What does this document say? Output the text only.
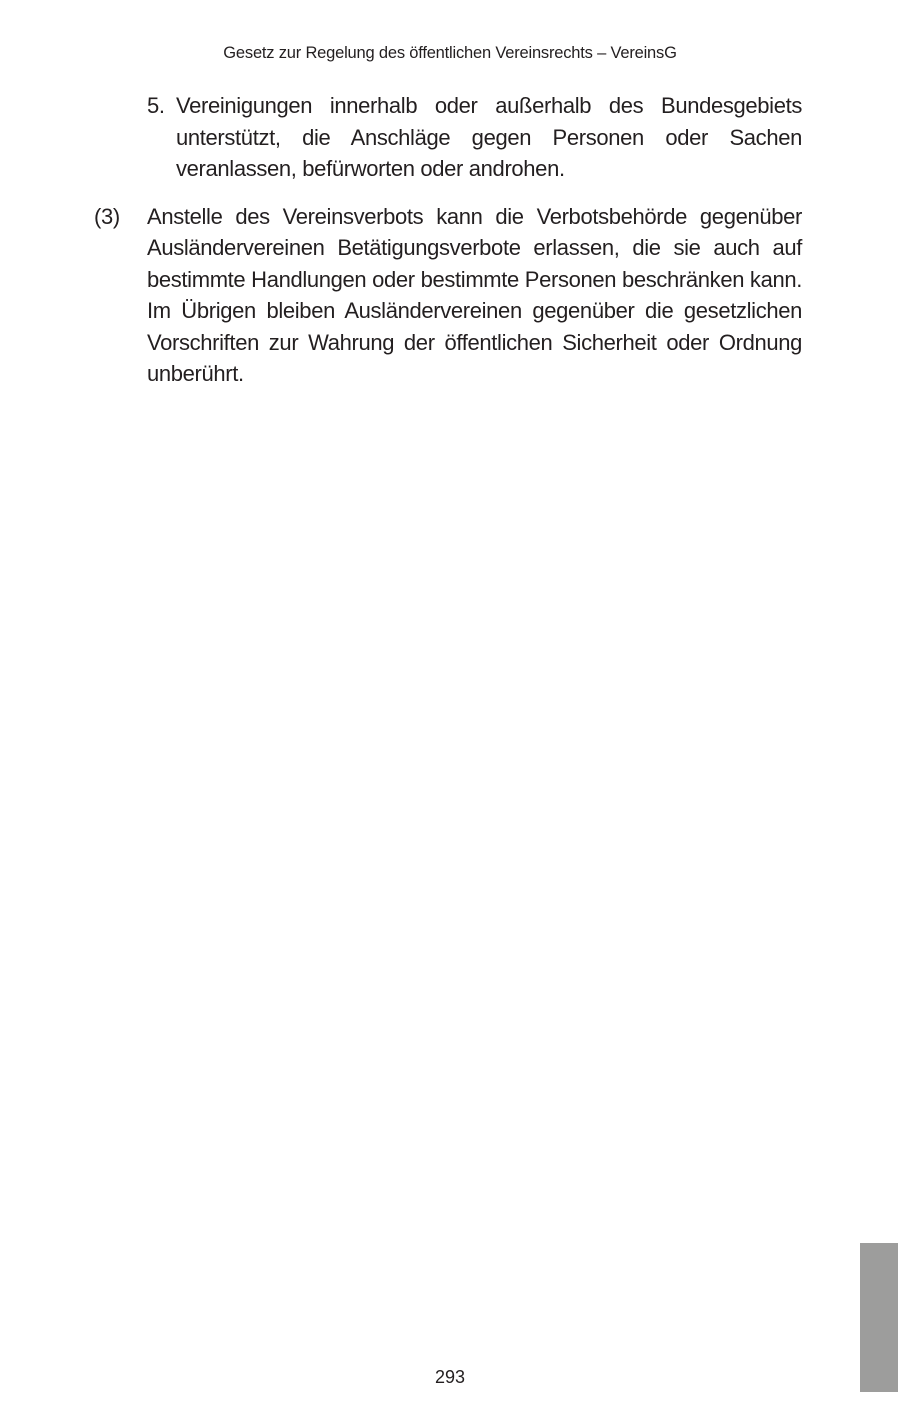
Gesetz zur Regelung des öffentlichen Vereinsrechts – VereinsG
5. Vereinigungen innerhalb oder außerhalb des Bundesgebiets unterstützt, die Anschläge gegen Personen oder Sachen veranlassen, befürworten oder androhen.
(3) Anstelle des Vereinsverbots kann die Verbotsbehörde gegenüber Ausländervereinen Betätigungsverbote erlassen, die sie auch auf bestimmte Handlungen oder bestimmte Personen beschränken kann. Im Übrigen bleiben Ausländervereinen gegenüber die gesetzlichen Vorschriften zur Wahrung der öffentlichen Sicherheit oder Ordnung unberührt.
293
